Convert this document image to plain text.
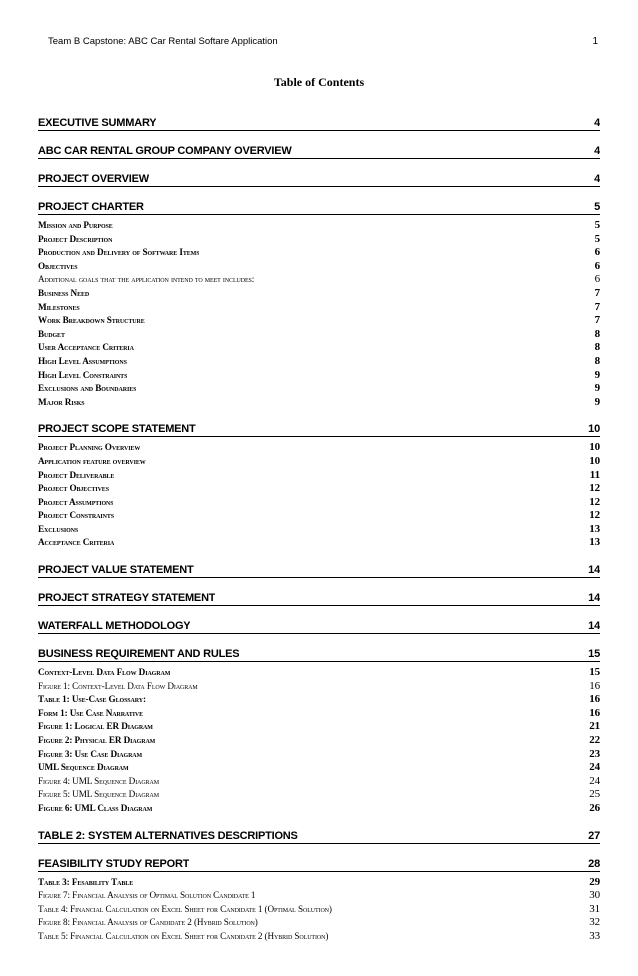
Team B Capstone: ABC Car Rental Softare Application	1
Table of Contents
EXECUTIVE SUMMARY	4
ABC CAR RENTAL GROUP COMPANY OVERVIEW	4
PROJECT OVERVIEW	4
PROJECT CHARTER	5
Mission and Purpose	5
Project Description	5
Production and Delivery of Software Items	6
Objectives	6
Additional goals that the application intend to meet includes:	6
Business Need	7
Milestones	7
Work Breakdown Structure	7
Budget	8
User Acceptance Criteria	8
High Level Assumptions	8
High Level Constraints	9
Exclusions and Boundaries	9
Major Risks	9
PROJECT SCOPE STATEMENT	10
Project Planning Overview	10
Application feature overview	10
Project Deliverable	11
Project Objectives	12
Project Assumptions	12
Project Constraints	12
Exclusions	13
Acceptance Criteria	13
PROJECT VALUE STATEMENT	14
PROJECT STRATEGY STATEMENT	14
WATERFALL METHODOLOGY	14
BUSINESS REQUIREMENT AND RULES	15
Context-Level Data Flow Diagram	15
Figure 1: Context-Level Data Flow Diagram	16
Table 1: Use-Case Glossary:	16
Form 1: Use Case Narrative	16
Figure 1: Logical ER Diagram	21
Figure 2: Physical ER Diagram	22
Figure 3: Use Case Diagram	23
UML Sequence Diagram	24
Figure 4: UML Sequence Diagram	24
Figure 5: UML Sequence Diagram	25
Figure 6: UML Class Diagram	26
TABLE 2: SYSTEM ALTERNATIVES DESCRIPTIONS	27
FEASIBILITY STUDY REPORT	28
Table 3: Fesability Table	29
Figure 7: Financial Analysis of Optimal Solution Candidate 1	30
Table 4: Financial Calculation on Excel Sheet for Candidate 1 (Optimal Solution)	31
Figure 8: Financial Analysis of Candidate 2 (Hybrid Solution)	32
Table 5: Financial Calculation on Excel Sheet for Candidate 2 (Hybrid Solution)	33
